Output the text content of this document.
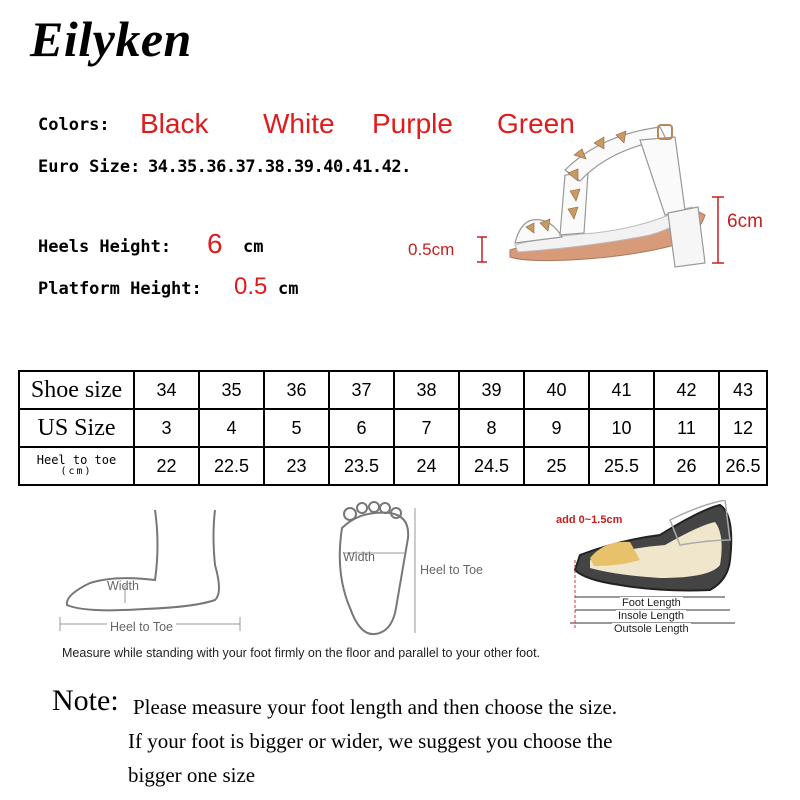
Eilyken
Colors: Black White Purple Green
Euro Size: 34.35.36.37.38.39.40.41.42.
Heels Height: 6 cm
Platform Height: 0.5 cm
6cm
0.5cm
Shoe size	34	35	36	37	38	39	40	41	42	43
US Size	3	4	5	6	7	8	9	10	11	12

Heel to toe
(cm)	22	22.5	23	23.5	24	24.5	25	25.5	26	26.5
Width
Heel to Toe
Width
Heel to Toe
add 0~1.5cm
Foot Length
Insole Length
Outsole Length
Measure while standing with your foot firmly on the floor and parallel to your other foot.
Note: Please measure your foot length and then choose the size.
If your foot is bigger or wider, we suggest you choose the
bigger one size
